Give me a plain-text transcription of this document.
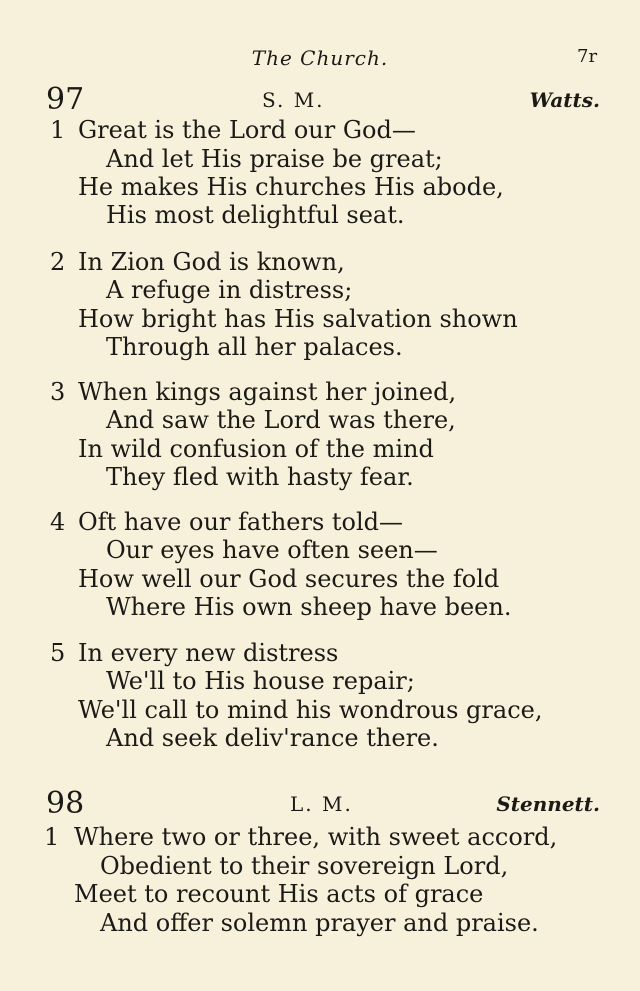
The Church.	7r
97	S. M.	Watts.
1 Great is the Lord our God—
And let His praise be great;
He makes His churches His abode,
His most delightful seat.
2 In Zion God is known,
A refuge in distress;
How bright has His salvation shown
Through all her palaces.
3 When kings against her joined,
And saw the Lord was there,
In wild confusion of the mind
They fled with hasty fear.
4 Oft have our fathers told—
Our eyes have often seen—
How well our God secures the fold
Where His own sheep have been.
5 In every new distress
We'll to His house repair;
We'll call to mind his wondrous grace,
And seek deliv'rance there.
98	L. M.	Stennett.
1 Where two or three, with sweet accord,
Obedient to their sovereign Lord,
Meet to recount His acts of grace
And offer solemn prayer and praise.
